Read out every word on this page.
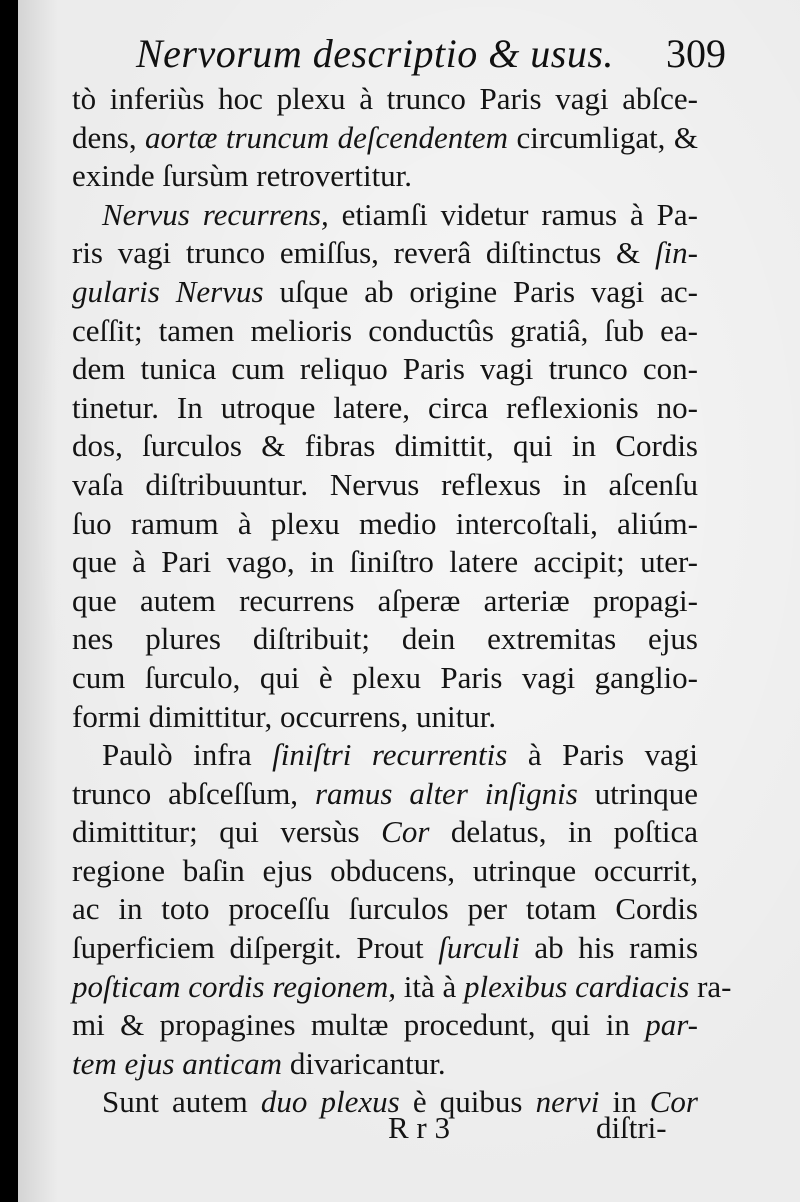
Nervorum descriptio & usus. 309
tò inferiùs hoc plexu à trunco Paris vagi abſce-
dens, aortæ truncum deſcendentem circumligat, &
exinde ſursùm retrovertitur.
Nervus recurrens, etiamſi videtur ramus à Pa-
ris vagi trunco emiſſus, reverâ diſtinctus & ſin-
gularis Nervus uſque ab origine Paris vagi ac-
ceſſit; tamen melioris conductûs gratiâ, ſub ea-
dem tunica cum reliquo Paris vagi trunco con-
tinetur. In utroque latere, circa reflexionis no-
dos, ſurculos & fibras dimittit, qui in Cordis
vaſa diſtribuuntur. Nervus reflexus in aſcenſu
ſuo ramum à plexu medio intercoſtali, aliúm-
que à Pari vago, in ſiniſtro latere accipit; uter-
que autem recurrens aſperæ arteriæ propagi-
nes plures diſtribuit; dein extremitas ejus
cum ſurculo, qui è plexu Paris vagi ganglio-
formi dimittitur, occurrens, unitur.
Paulò infra ſiniſtri recurrentis à Paris vagi
trunco abſceſſum, ramus alter inſignis utrinque
dimittitur; qui versùs Cor delatus, in poſtica
regione baſin ejus obducens, utrinque occurrit,
ac in toto proceſſu ſurculos per totam Cordis
ſuperficiem diſpergit. Prout ſurculi ab his ramis
poſticam cordis regionem, ità à plexibus cardiacis ra-
mi & propagines multæ procedunt, qui in par-
tem ejus anticam divaricantur.
Sunt autem duo plexus è quibus nervi in Cor
R r 3	diſtri-
